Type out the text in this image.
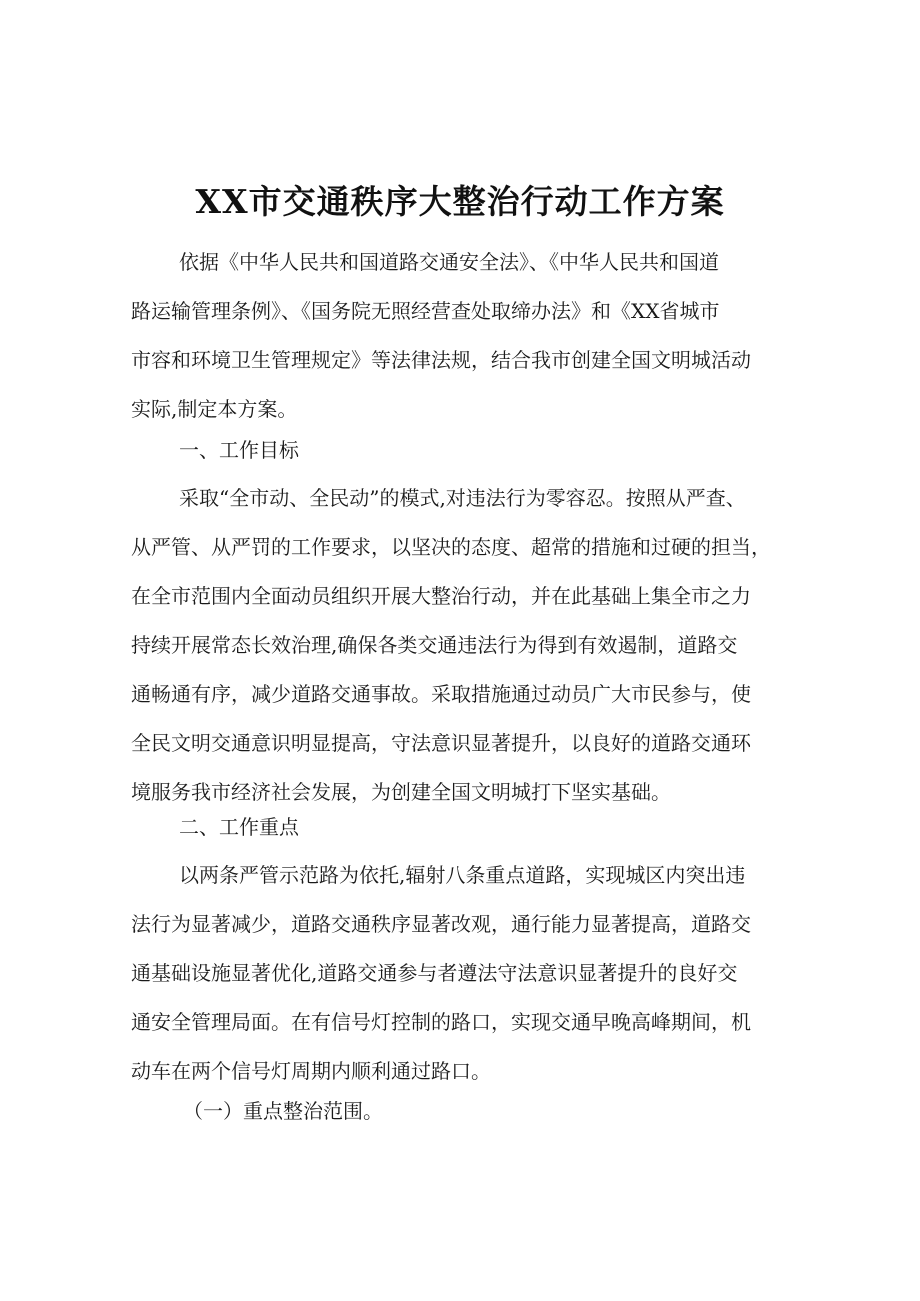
XX市交通秩序大整治行动工作方案
依据《中华人民共和国道路交通安全法》、《中华人民共和国道
路运输管理条例》、《国务院无照经营查处取缔办法》和《XX省城市
市容和环境卫生管理规定》等法律法规，结合我市创建全国文明城活动
实际,制定本方案。
一、工作目标
采取“全市动、全民动”的模式,对违法行为零容忍。按照从严查、
从严管、从严罚的工作要求，以坚决的态度、超常的措施和过硬的担当，
在全市范围内全面动员组织开展大整治行动，并在此基础上集全市之力
持续开展常态长效治理,确保各类交通违法行为得到有效遏制，道路交
通畅通有序，减少道路交通事故。采取措施通过动员广大市民参与，使
全民文明交通意识明显提高，守法意识显著提升，以良好的道路交通环
境服务我市经济社会发展，为创建全国文明城打下坚实基础。
二、工作重点
以两条严管示范路为依托,辐射八条重点道路，实现城区内突出违
法行为显著减少，道路交通秩序显著改观，通行能力显著提高，道路交
通基础设施显著优化,道路交通参与者遵法守法意识显著提升的良好交
通安全管理局面。在有信号灯控制的路口，实现交通早晚高峰期间，机
动车在两个信号灯周期内顺利通过路口。
（一）重点整治范围。
